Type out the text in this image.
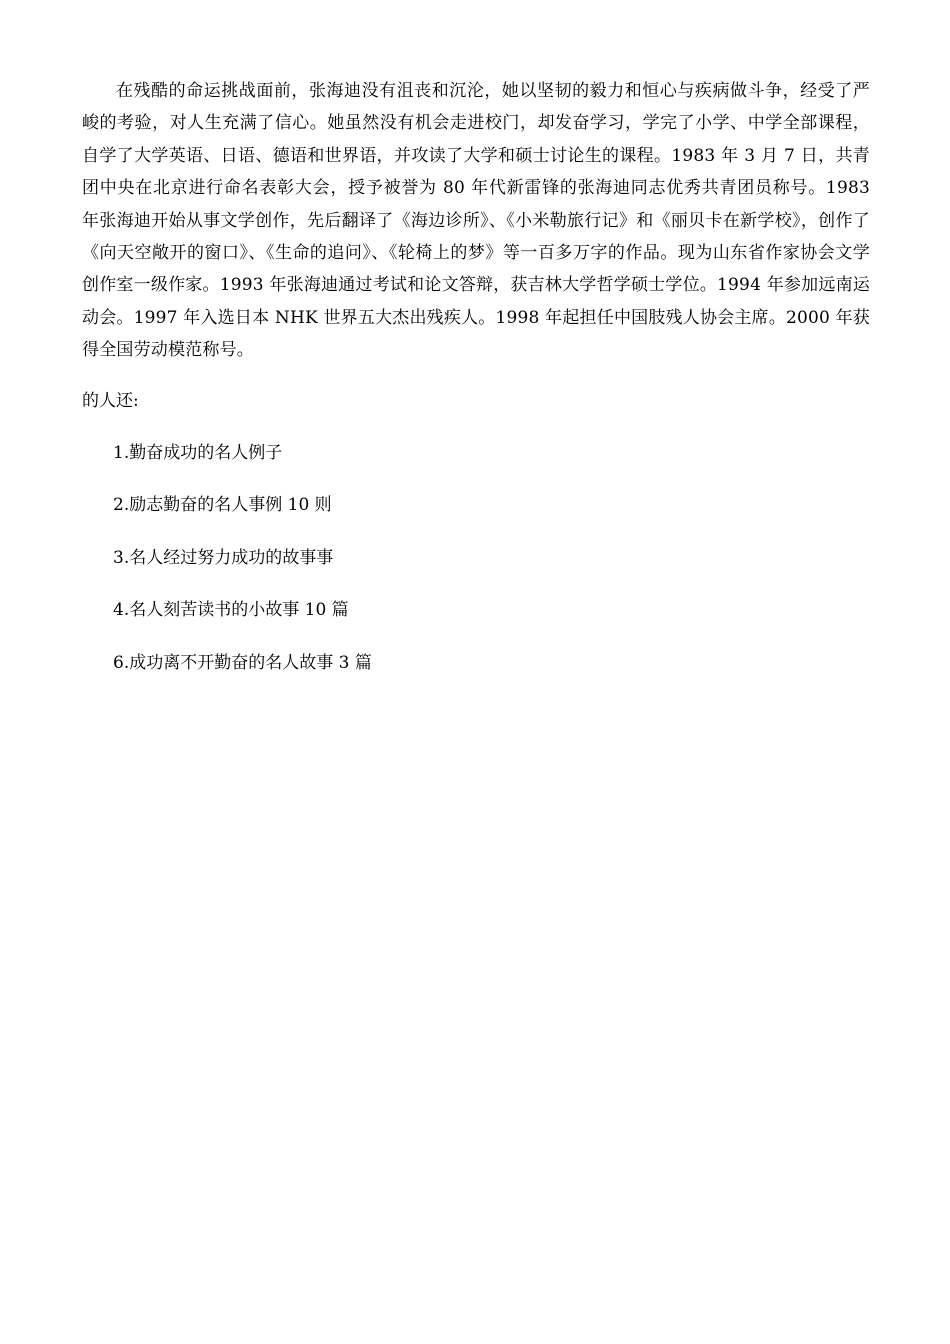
在残酷的命运挑战面前，张海迪没有沮丧和沉沦，她以坚韧的毅力和恒心与疾病做斗争，经受了严峻的考验，对人生充满了信心。她虽然没有机会走进校门，却发奋学习，学完了小学、中学全部课程，自学了大学英语、日语、德语和世界语，并攻读了大学和硕士讨论生的课程。1983 年 3 月 7 日，共青团中央在北京进行命名表彰大会，授予被誉为 80 年代新雷锋的张海迪同志优秀共青团员称号。1983 年张海迪开始从事文学创作，先后翻译了《海边诊所》、《小米勒旅行记》和《丽贝卡在新学校》，创作了《向天空敞开的窗口》、《生命的追问》、《轮椅上的梦》等一百多万字的作品。现为山东省作家协会文学创作室一级作家。1993 年张海迪通过考试和论文答辩，获吉林大学哲学硕士学位。1994 年参加远南运动会。1997 年入选日本 NHK 世界五大杰出残疾人。1998 年起担任中国肢残人协会主席。2000 年获得全国劳动模范称号。

的人还:

1.勤奋成功的名人例子
2.励志勤奋的名人事例 10 则
3.名人经过努力成功的故事事
4.名人刻苦读书的小故事 10 篇
6.成功离不开勤奋的名人故事 3 篇
